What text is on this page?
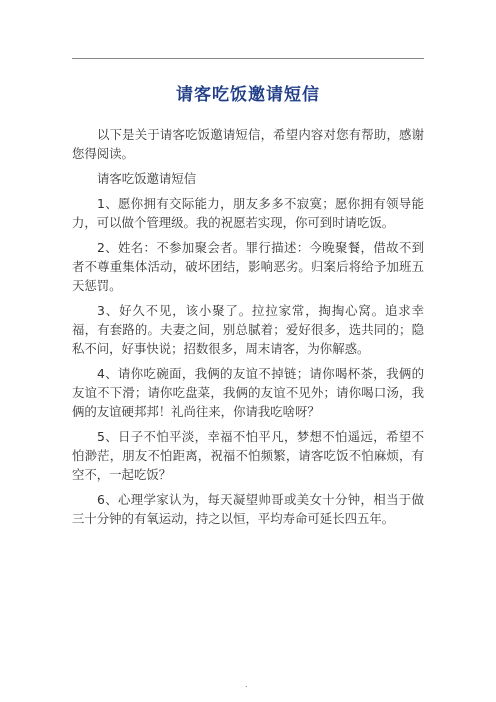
请客吃饭邀请短信

以下是关于请客吃饭邀请短信，希望内容对您有帮助，感谢您得阅读。

请客吃饭邀请短信

1、愿你拥有交际能力，朋友多多不寂寞；愿你拥有领导能力，可以做个管理级。我的祝愿若实现，你可到时请吃饭。

2、姓名：不参加聚会者。罪行描述：今晚聚餐，借故不到者不尊重集体活动，破坏团结，影响恶劣。归案后将给予加班五天惩罚。

3、好久不见，该小聚了。拉拉家常，掏掏心窝。追求幸福，有套路的。夫妻之间，别总腻着；爱好很多，选共同的；隐私不问，好事快说；招数很多，周末请客，为你解惑。

4、请你吃碗面，我俩的友谊不掉链；请你喝杯茶，我俩的友谊不下滑；请你吃盘菜，我俩的友谊不见外；请你喝口汤，我俩的友谊硬邦邦！礼尚往来，你请我吃啥呀？

5、日子不怕平淡，幸福不怕平凡，梦想不怕遥远，希望不怕渺茫，朋友不怕距离，祝福不怕频繁，请客吃饭不怕麻烦，有空不，一起吃饭？

6、心理学家认为，每天凝望帅哥或美女十分钟，相当于做三十分钟的有氧运动，持之以恒，平均寿命可延长四五年。

.
